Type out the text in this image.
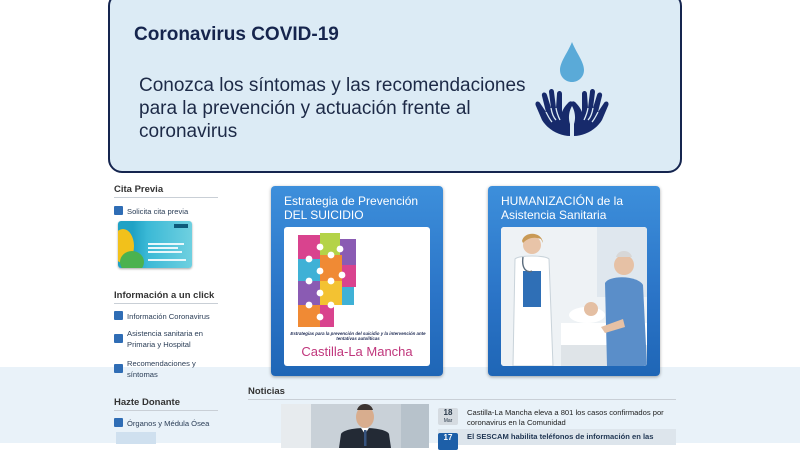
Coronavirus COVID-19
Conozca los síntomas y las recomendaciones para la prevención y actuación frente al coronavirus
Cita Previa
Solicita cita previa
Información a un click
Información Coronavirus
Asistencia sanitaria en Primaria y Hospital
Recomendaciones y síntomas
Hazte Donante
Órganos y Médula Ósea
Estrategia de Prevención DEL SUICIDIO
Estrategias para la prevención del suicidio y la intervención ante tentativas autolíticas
Castilla-La Mancha
HUMANIZACIÓN de la Asistencia Sanitaria
Noticias
18
Mar
Castilla-La Mancha eleva a 801 los casos confirmados por coronavirus en la Comunidad
17	El SESCAM habilita teléfonos de información en las
